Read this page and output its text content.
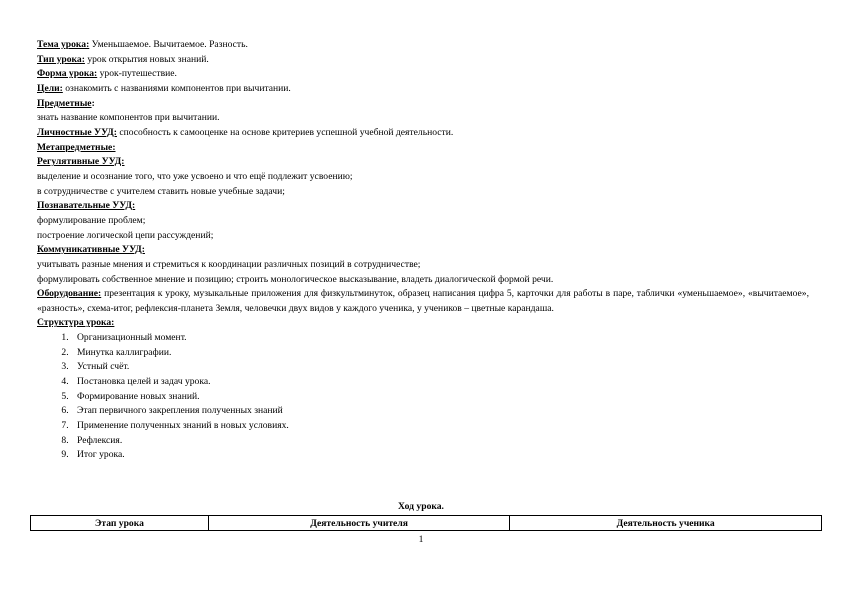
Тема урока: Уменьшаемое. Вычитаемое. Разность.
Тип урока: урок открытия новых знаний.
Форма урока: урок-путешествие.
Цели: ознакомить с названиями компонентов при вычитании.
Предметные:
знать название компонентов при вычитании.
Личностные УУД: способность к самооценке на основе критериев успешной учебной деятельности.
Метапредметные:
Регулятивные УУД:
выделение и осознание того, что уже усвоено и что ещё подлежит усвоению;
в сотрудничестве с учителем ставить новые учебные задачи;
Познавательные УУД:
формулирование проблем;
построение логической цепи рассуждений;
Коммуникативные УУД:
учитывать разные мнения и стремиться к координации различных позиций в сотрудничестве;
формулировать собственное мнение и позицию; строить монологическое высказывание, владеть диалогической формой речи.
Оборудование: презентация к уроку, музыкальные приложения для физкультминуток, образец написания цифра 5, карточки для работы в паре, таблички «уменьшаемое», «вычитаемое», «разность», схема-итог, рефлексия-планета Земля, человечки двух видов у каждого ученика, у учеников – цветные карандаша.
Структура урока:
1. Организационный момент.
2. Минутка каллиграфии.
3. Устный счёт.
4. Постановка целей и задач урока.
5. Формирование новых знаний.
6. Этап первичного закрепления полученных знаний
7. Применение полученных знаний в новых условиях.
8. Рефлексия.
9. Итог урока.
Ход урока.
Этап урока	Деятельность учителя	Деятельность ученика
1
